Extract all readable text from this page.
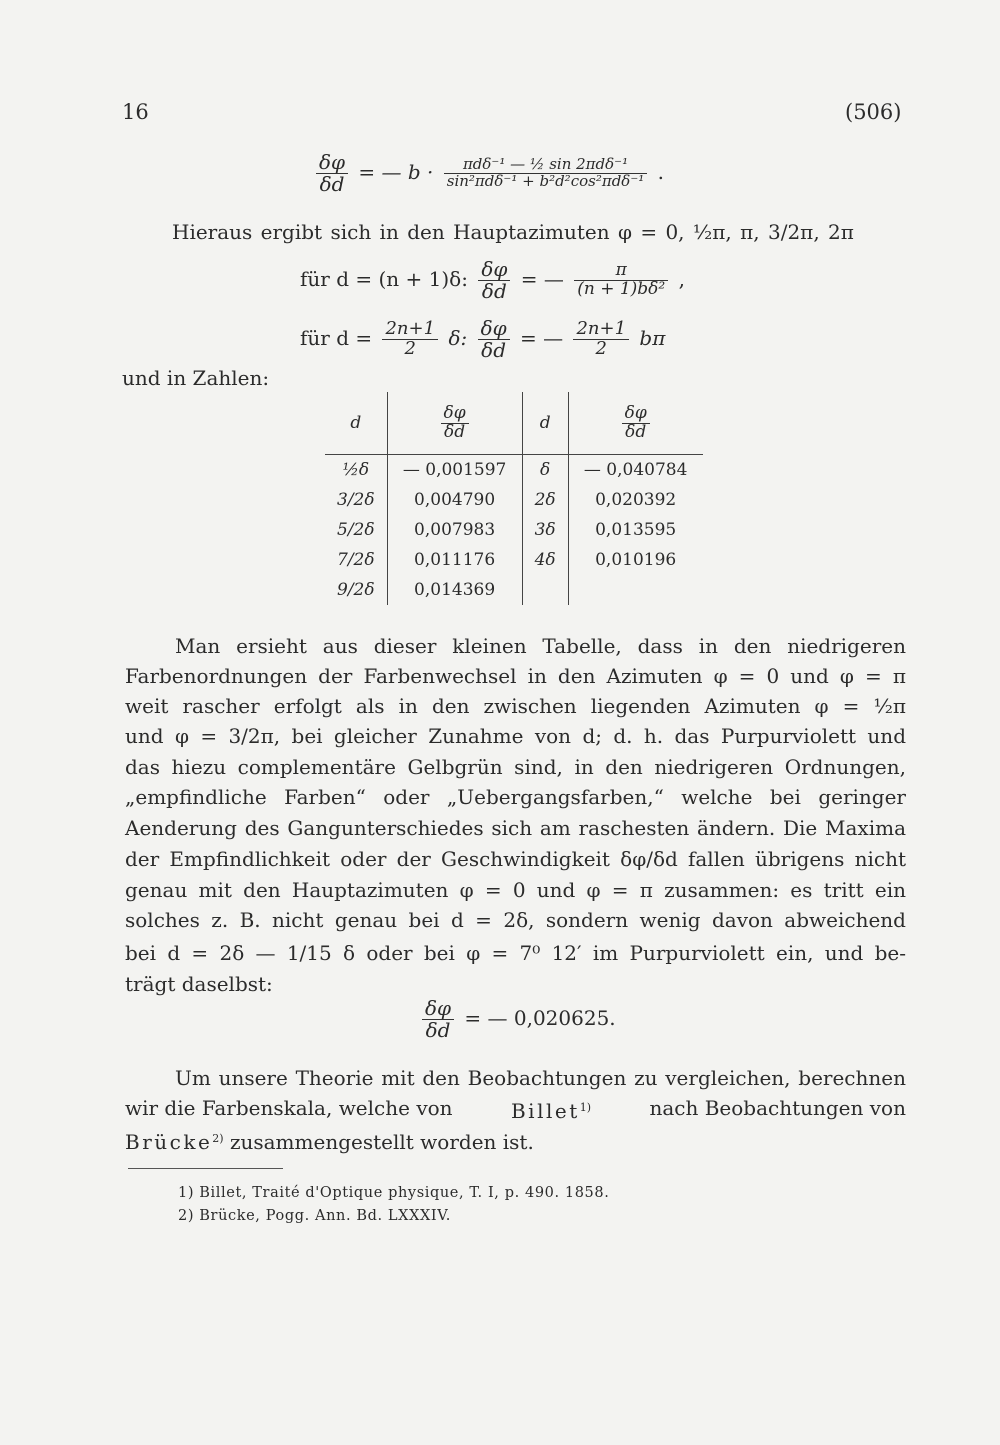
16	(506)
$\frac{\delta\varphi}{\delta d}$ = — $b \cdot \frac{\text{πdδ⁻¹ — ½ sin 2πdδ⁻¹}}{\text{sin²πdδ⁻¹ + b²d²cos²πdδ⁻¹}}$ .
Hieraus ergibt sich in den Hauptazimuten φ = 0, ½π, π, 3/2π, 2π
für d = (n + 1)δ: $\frac{\delta\varphi}{\delta d}$ = — $\frac{\pi}{\text{(n + 1)bδ²}}$ ,
für $d = \frac{2n+1}{2} \delta$: $\frac{\delta\varphi}{\delta d}$ = — $\frac{2n+1}{2}$ bπ
und in Zahlen:
d	$\frac{\delta\varphi}{\delta d}$	d	$\frac{\delta\varphi}{\delta d}$

½δ	— 0,001597	δ	— 0,040784
3/2δ	0,004790	2δ	0,020392
5/2δ	0,007983	3δ	0,013595
7/2δ	0,011176	4δ	0,010196
9/2δ	0,014369		
Man ersieht aus dieser kleinen Tabelle, dass in den niedrigeren
Farbenordnungen der Farbenwechsel in den Azimuten φ = 0 und φ = π
weit rascher erfolgt als in den zwischen liegenden Azimuten φ = ½π
und φ = 3/2π, bei gleicher Zunahme von d; d. h. das Purpurviolett und
das hiezu complementäre Gelbgrün sind, in den niedrigeren Ordnungen,
„empfindliche Farben“ oder „Uebergangsfarben,“ welche bei geringer
Aenderung des Gangunterschiedes sich am raschesten ändern. Die Maxima
der Empfindlichkeit oder der Geschwindigkeit δφ/δd fallen übrigens nicht
genau mit den Hauptazimuten φ = 0 und φ = π zusammen: es tritt ein
solches z. B. nicht genau bei d = 2δ, sondern wenig davon abweichend
bei d = 2δ — 1/15 δ oder bei φ = 7⁰ 12′ im Purpurviolett ein, und be-
trägt daselbst:
$\frac{\delta\varphi}{\delta d}$ = — 0,020625.
Um unsere Theorie mit den Beobachtungen zu vergleichen, berechnen
wir die Farbenskala, welche von	Billet$^{1)}$	nach Beobachtungen von
Brücke$^{2)}$ zusammengestellt worden ist.
1) Billet, Traité d'Optique physique, T. I, p. 490. 1858.
2) Brücke, Pogg. Ann. Bd. LXXXIV.
